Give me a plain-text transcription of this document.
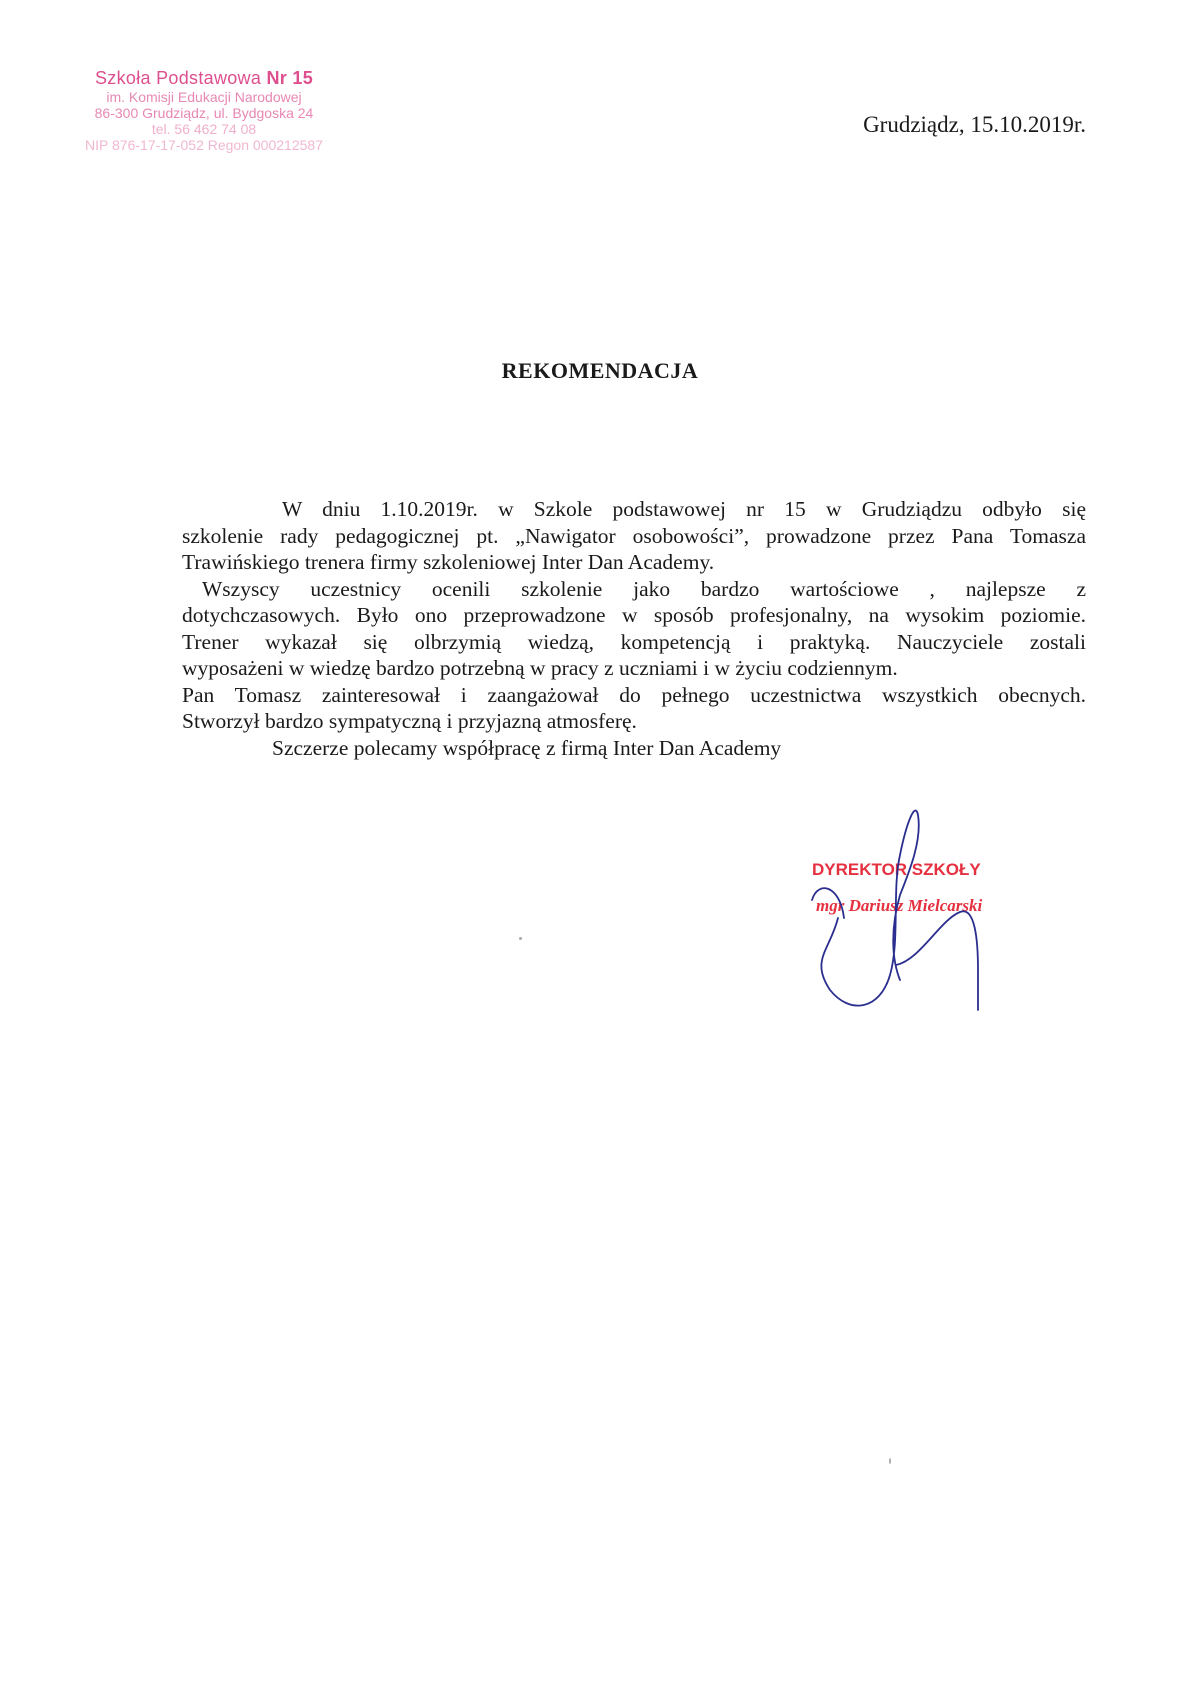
Szkoła Podstawowa Nr 15
im. Komisji Edukacji Narodowej
86-300 Grudziądz, ul. Bydgoska 24
tel. 56 462 74 08
NIP 876-17-17-052 Regon 000212587
Grudziądz, 15.10.2019r.
REKOMENDACJA

W dniu 1.10.2019r. w Szkole podstawowej nr 15 w Grudziądzu odbyło się

szkolenie rady pedagogicznej pt. „Nawigator osobowości”, prowadzone przez Pana Tomasza

Trawińskiego trenera firmy szkoleniowej Inter Dan Academy.

Wszyscy uczestnicy ocenili szkolenie jako bardzo wartościowe , najlepsze z

dotychczasowych. Było ono przeprowadzone w sposób profesjonalny, na wysokim poziomie.

Trener wykazał się olbrzymią wiedzą, kompetencją i praktyką. Nauczyciele zostali

wyposażeni w wiedzę bardzo potrzebną w pracy z uczniami i w życiu codziennym.

Pan Tomasz zainteresował i zaangażował do pełnego uczestnictwa wszystkich obecnych.

Stworzył bardzo sympatyczną i przyjazną atmosferę.

Szczerze polecamy współpracę z firmą Inter Dan Academy

DYREKTOR SZKOŁY
mgr Dariusz Mielcarski
